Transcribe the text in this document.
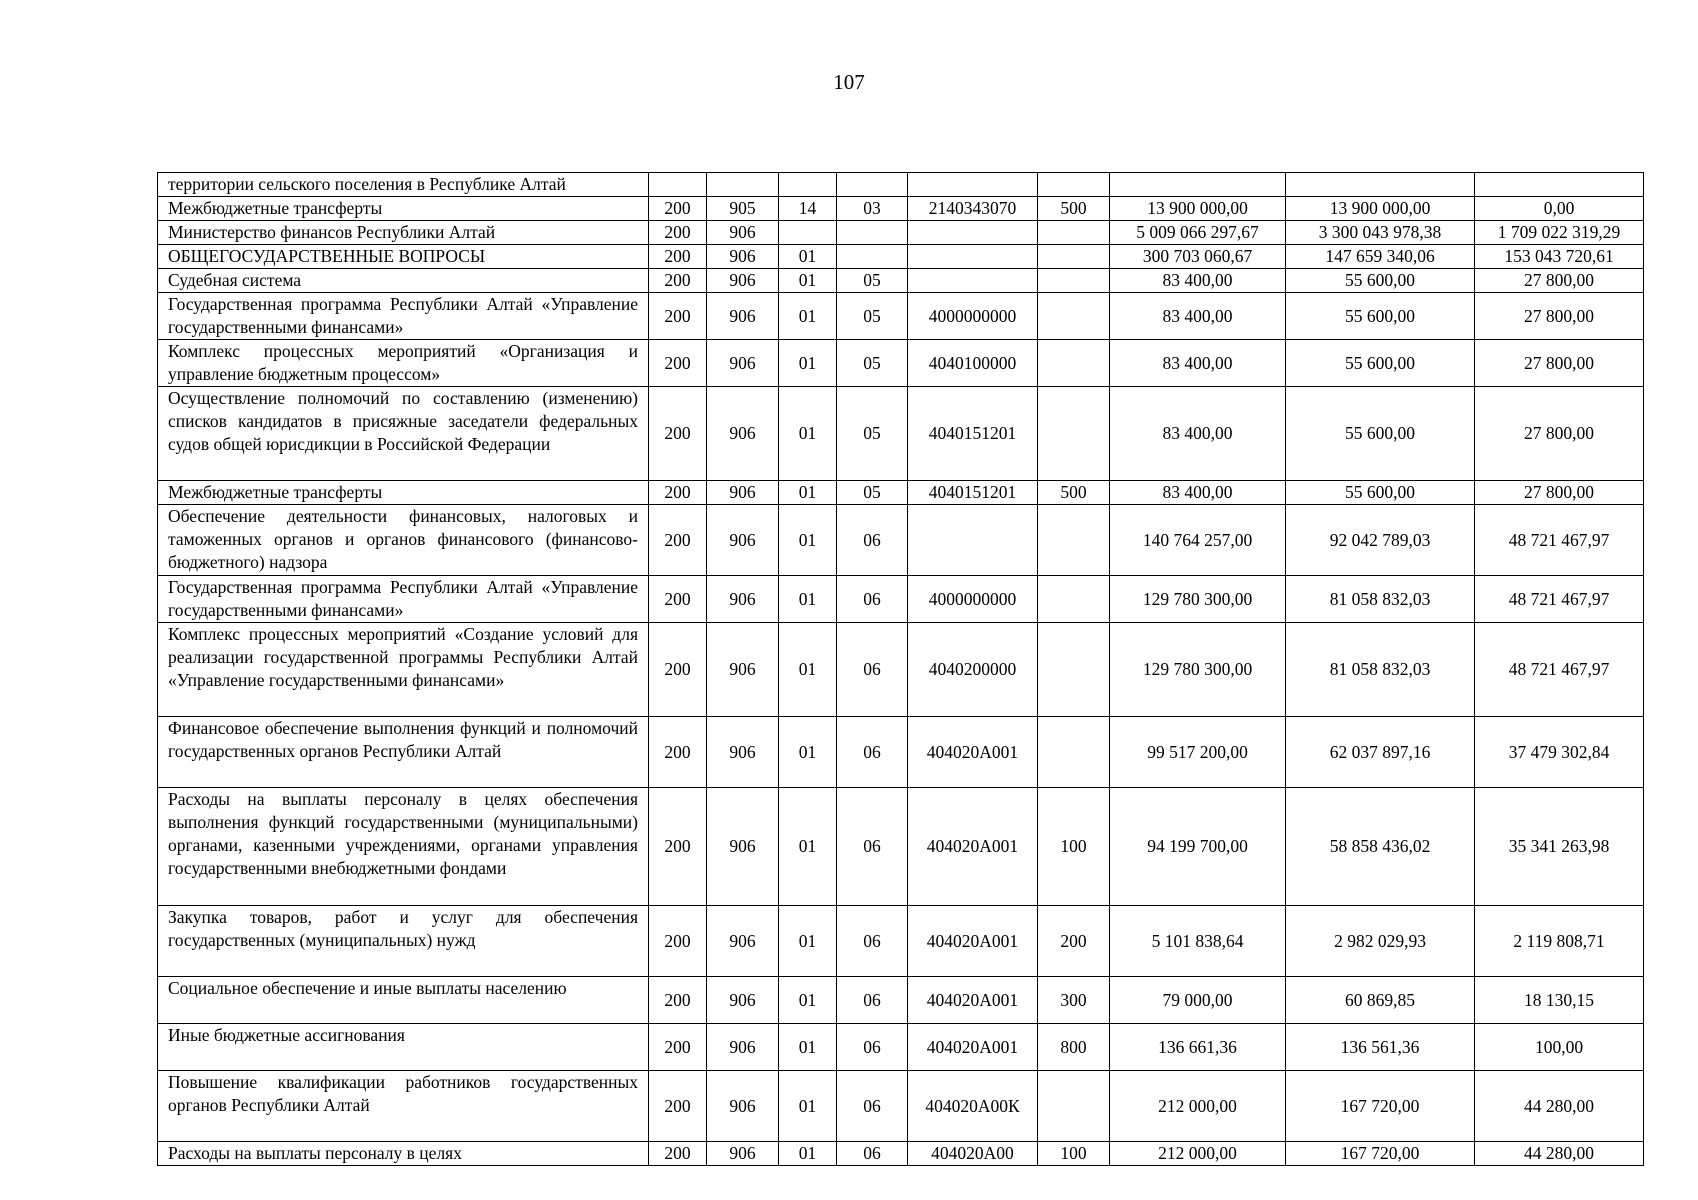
107
территории сельского поселения в Республике Алтай									
Межбюджетные трансферты	200	905	14	03	2140343070	500	13 900 000,00	13 900 000,00	0,00
Министерство финансов Республики Алтай	200	906					5 009 066 297,67	3 300 043 978,38	1 709 022 319,29
ОБЩЕГОСУДАРСТВЕННЫЕ ВОПРОСЫ	200	906	01				300 703 060,67	147 659 340,06	153 043 720,61
Судебная система	200	906	01	05			83 400,00	55 600,00	27 800,00
Государственная программа Республики Алтай «Управление государственными финансами»	200	906	01	05	4000000000		83 400,00	55 600,00	27 800,00
Комплекс процессных мероприятий «Организация и управление бюджетным процессом»	200	906	01	05	4040100000		83 400,00	55 600,00	27 800,00
Осуществление полномочий по составлению (изменению) списков кандидатов в присяжные заседатели федеральных судов общей юрисдикции в Российской Федерации	200	906	01	05	4040151201		83 400,00	55 600,00	27 800,00
Межбюджетные трансферты	200	906	01	05	4040151201	500	83 400,00	55 600,00	27 800,00
Обеспечение деятельности финансовых, налоговых и таможенных органов и органов финансового (финансово-бюджетного) надзора	200	906	01	06			140 764 257,00	92 042 789,03	48 721 467,97
Государственная программа Республики Алтай «Управление государственными финансами»	200	906	01	06	4000000000		129 780 300,00	81 058 832,03	48 721 467,97
Комплекс процессных мероприятий «Создание условий для реализации государственной программы Республики Алтай «Управление государственными финансами»	200	906	01	06	4040200000		129 780 300,00	81 058 832,03	48 721 467,97
Финансовое обеспечение выполнения функций и полномочий государственных органов Республики Алтай	200	906	01	06	404020А001		99 517 200,00	62 037 897,16	37 479 302,84
Расходы на выплаты персоналу в целях обеспечения выполнения функций государственными (муниципальными) органами, казенными учреждениями, органами управления государственными внебюджетными фондами	200	906	01	06	404020А001	100	94 199 700,00	58 858 436,02	35 341 263,98
Закупка товаров, работ и услуг для обеспечения государственных (муниципальных) нужд	200	906	01	06	404020А001	200	5 101 838,64	2 982 029,93	2 119 808,71
Социальное обеспечение и иные выплаты населению	200	906	01	06	404020А001	300	79 000,00	60 869,85	18 130,15
Иные бюджетные ассигнования	200	906	01	06	404020А001	800	136 661,36	136 561,36	100,00
Повышение квалификации работников государственных органов Республики Алтай	200	906	01	06	404020А00К		212 000,00	167 720,00	44 280,00
Расходы на выплаты персоналу в целях	200	906	01	06	404020А00	100	212 000,00	167 720,00	44 280,00
